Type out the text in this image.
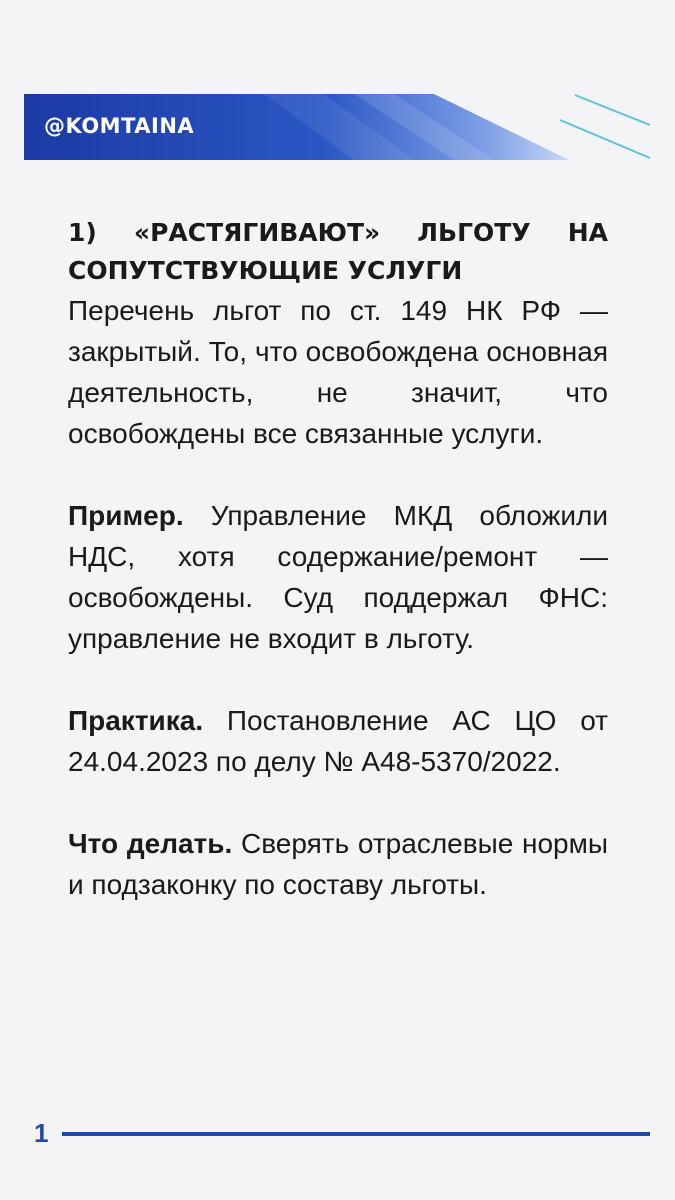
@KOMTAINA

1) «РАСТЯГИВАЮТ» ЛЬГОТУ НА СОПУТСТВУЮЩИЕ УСЛУГИ

Перечень льгот по ст. 149 НК РФ — закрытый. То, что освобождена основная деятельность, не значит, что освобождены все связанные услуги.

Пример. Управление МКД обложили НДС, хотя содержание/ремонт — освобождены. Суд поддержал ФНС: управление не входит в льготу.

Практика. Постановление АС ЦО от 24.04.2023 по делу № А48-5370/2022.

Что делать. Сверять отраслевые нормы и подзаконку по составу льготы.

1
